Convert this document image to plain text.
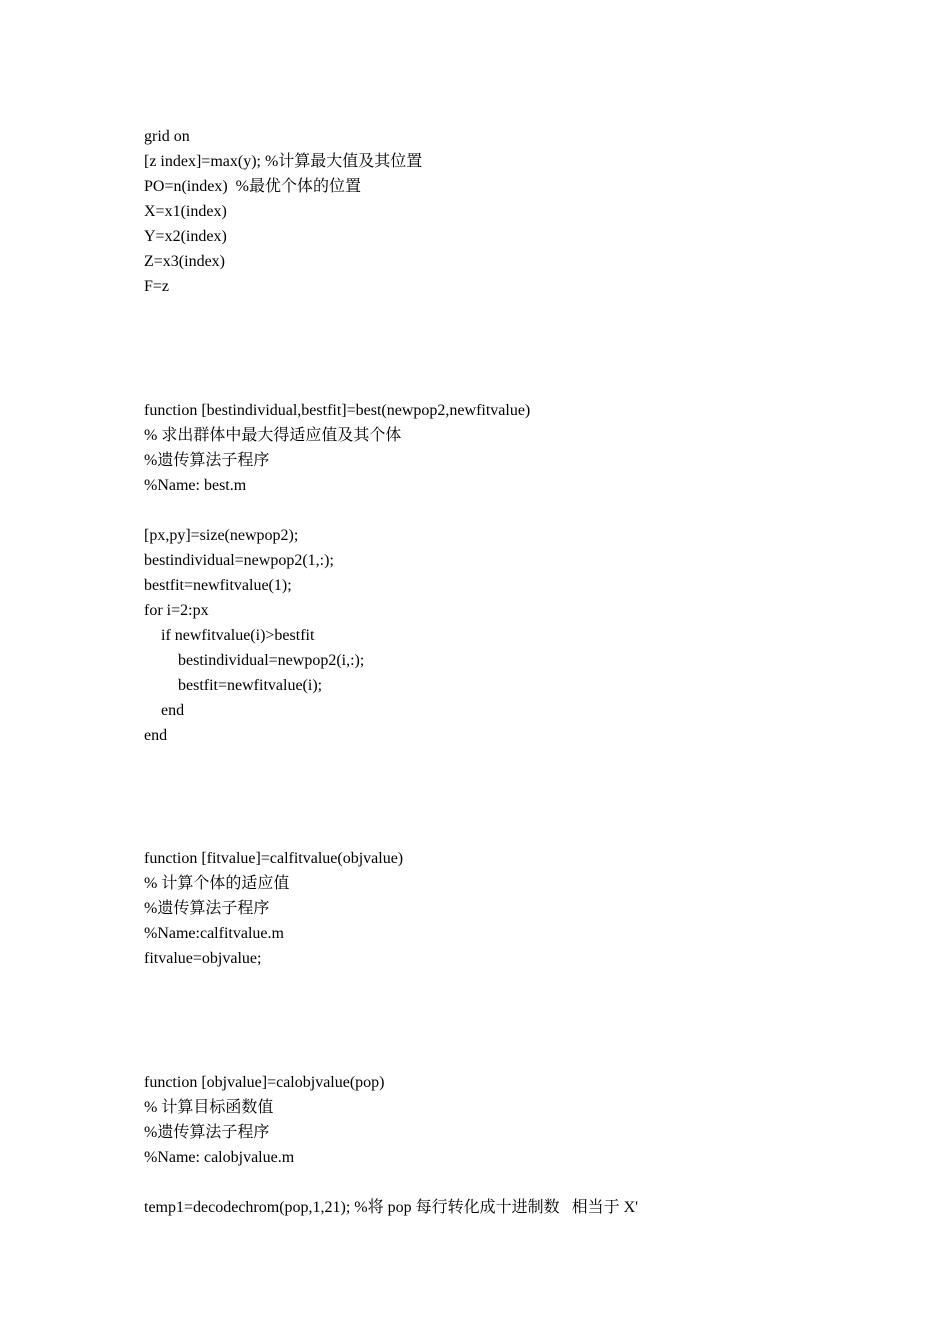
grid on
[z index]=max(y); %计算最大值及其位置
PO=n(index)  %最优个体的位置
X=x1(index)
Y=x2(index)
Z=x3(index)
F=z
function [bestindividual,bestfit]=best(newpop2,newfitvalue)
% 求出群体中最大得适应值及其个体
%遗传算法子程序
%Name: best.m
[px,py]=size(newpop2);
bestindividual=newpop2(1,:);
bestfit=newfitvalue(1);
for i=2:px
if newfitvalue(i)>bestfit
bestindividual=newpop2(i,:);
bestfit=newfitvalue(i);
end
end
function [fitvalue]=calfitvalue(objvalue)
% 计算个体的适应值
%遗传算法子程序
%Name:calfitvalue.m
fitvalue=objvalue;
function [objvalue]=calobjvalue(pop)
% 计算目标函数值
%遗传算法子程序
%Name: calobjvalue.m
temp1=decodechrom(pop,1,21); %将 pop 每行转化成十进制数   相当于 X'
